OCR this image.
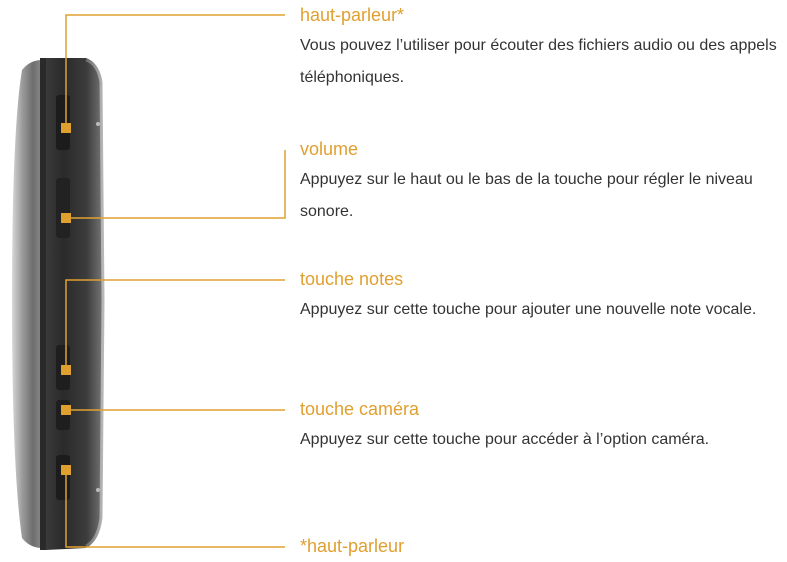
haut-parleur*
Vous pouvez l’utiliser pour écouter des fichiers audio ou des appels téléphoniques.
volume
Appuyez sur le haut ou le bas de la touche pour régler le niveau sonore.
touche notes
Appuyez sur cette touche pour ajouter une nouvelle note vocale.
touche caméra
Appuyez sur cette touche pour accéder à l’option caméra.
*haut-parleur
